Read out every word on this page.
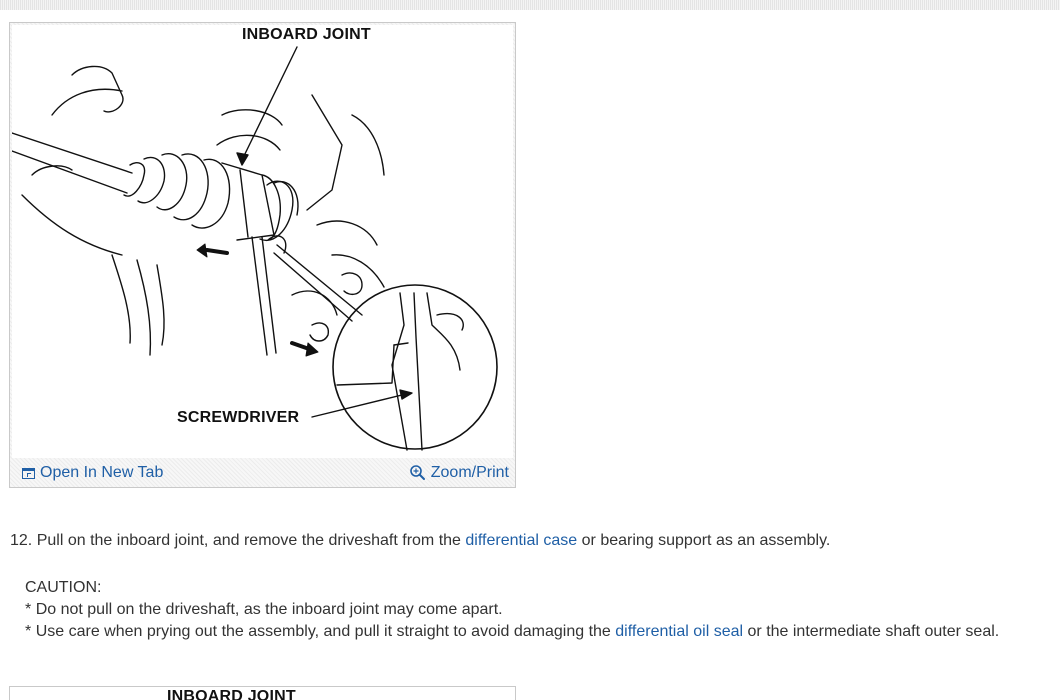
INBOARD JOINT
SCREWDRIVER
Open In New Tab	Zoom/Print
12. Pull on the inboard joint, and remove the driveshaft from the differential case or bearing support as an assembly.
CAUTION:
* Do not pull on the driveshaft, as the inboard joint may come apart.
* Use care when prying out the assembly, and pull it straight to avoid damaging the differential oil seal or the intermediate shaft outer seal.
INBOARD JOINT
